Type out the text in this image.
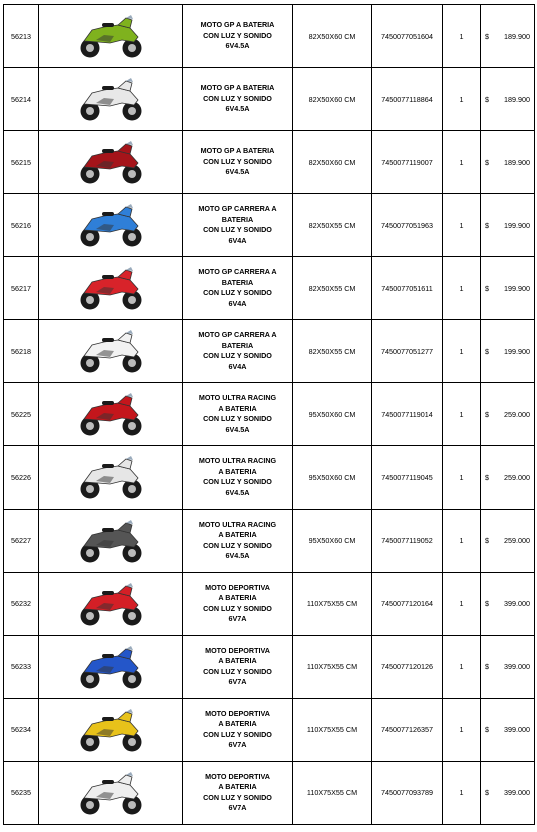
56213		MOTO GP A BATERIA
CON LUZ Y SONIDO
6V4.5A	82X50X60 CM	7450077051604	1	$ 189.900

56214		MOTO GP A BATERIA
CON LUZ Y SONIDO
6V4.5A	82X50X60 CM	7450077118864	1	$ 189.900

56215		MOTO GP A BATERIA
CON LUZ Y SONIDO
6V4.5A	82X50X60 CM	7450077119007	1	$ 189.900

56216		MOTO GP CARRERA A
BATERIA
CON LUZ Y SONIDO
6V4A	82X50X55 CM	7450077051963	1	$ 199.900

56217		MOTO GP CARRERA A
BATERIA
CON LUZ Y SONIDO
6V4A	82X50X55 CM	7450077051611	1	$ 199.900

56218		MOTO GP CARRERA A
BATERIA
CON LUZ Y SONIDO
6V4A	82X50X55 CM	7450077051277	1	$ 199.900

56225		MOTO ULTRA RACING
A BATERIA
CON LUZ Y SONIDO
6V4.5A	95X50X60 CM	7450077119014	1	$ 259.000

56226		MOTO ULTRA RACING
A BATERIA
CON LUZ Y SONIDO
6V4.5A	95X50X60 CM	7450077119045	1	$ 259.000

56227		MOTO ULTRA RACING
A BATERIA
CON LUZ Y SONIDO
6V4.5A	95X50X60 CM	7450077119052	1	$ 259.000

56232		MOTO DEPORTIVA
A BATERIA
CON LUZ Y SONIDO
6V7A	110X75X55 CM	7450077120164	1	$ 399.000

56233		MOTO DEPORTIVA
A BATERIA
CON LUZ Y SONIDO
6V7A	110X75X55 CM	7450077120126	1	$ 399.000

56234		MOTO DEPORTIVA
A BATERIA
CON LUZ Y SONIDO
6V7A	110X75X55 CM	7450077126357	1	$ 399.000

56235		MOTO DEPORTIVA
A BATERIA
CON LUZ Y SONIDO
6V7A	110X75X55 CM	7450077093789	1	$ 399.000
